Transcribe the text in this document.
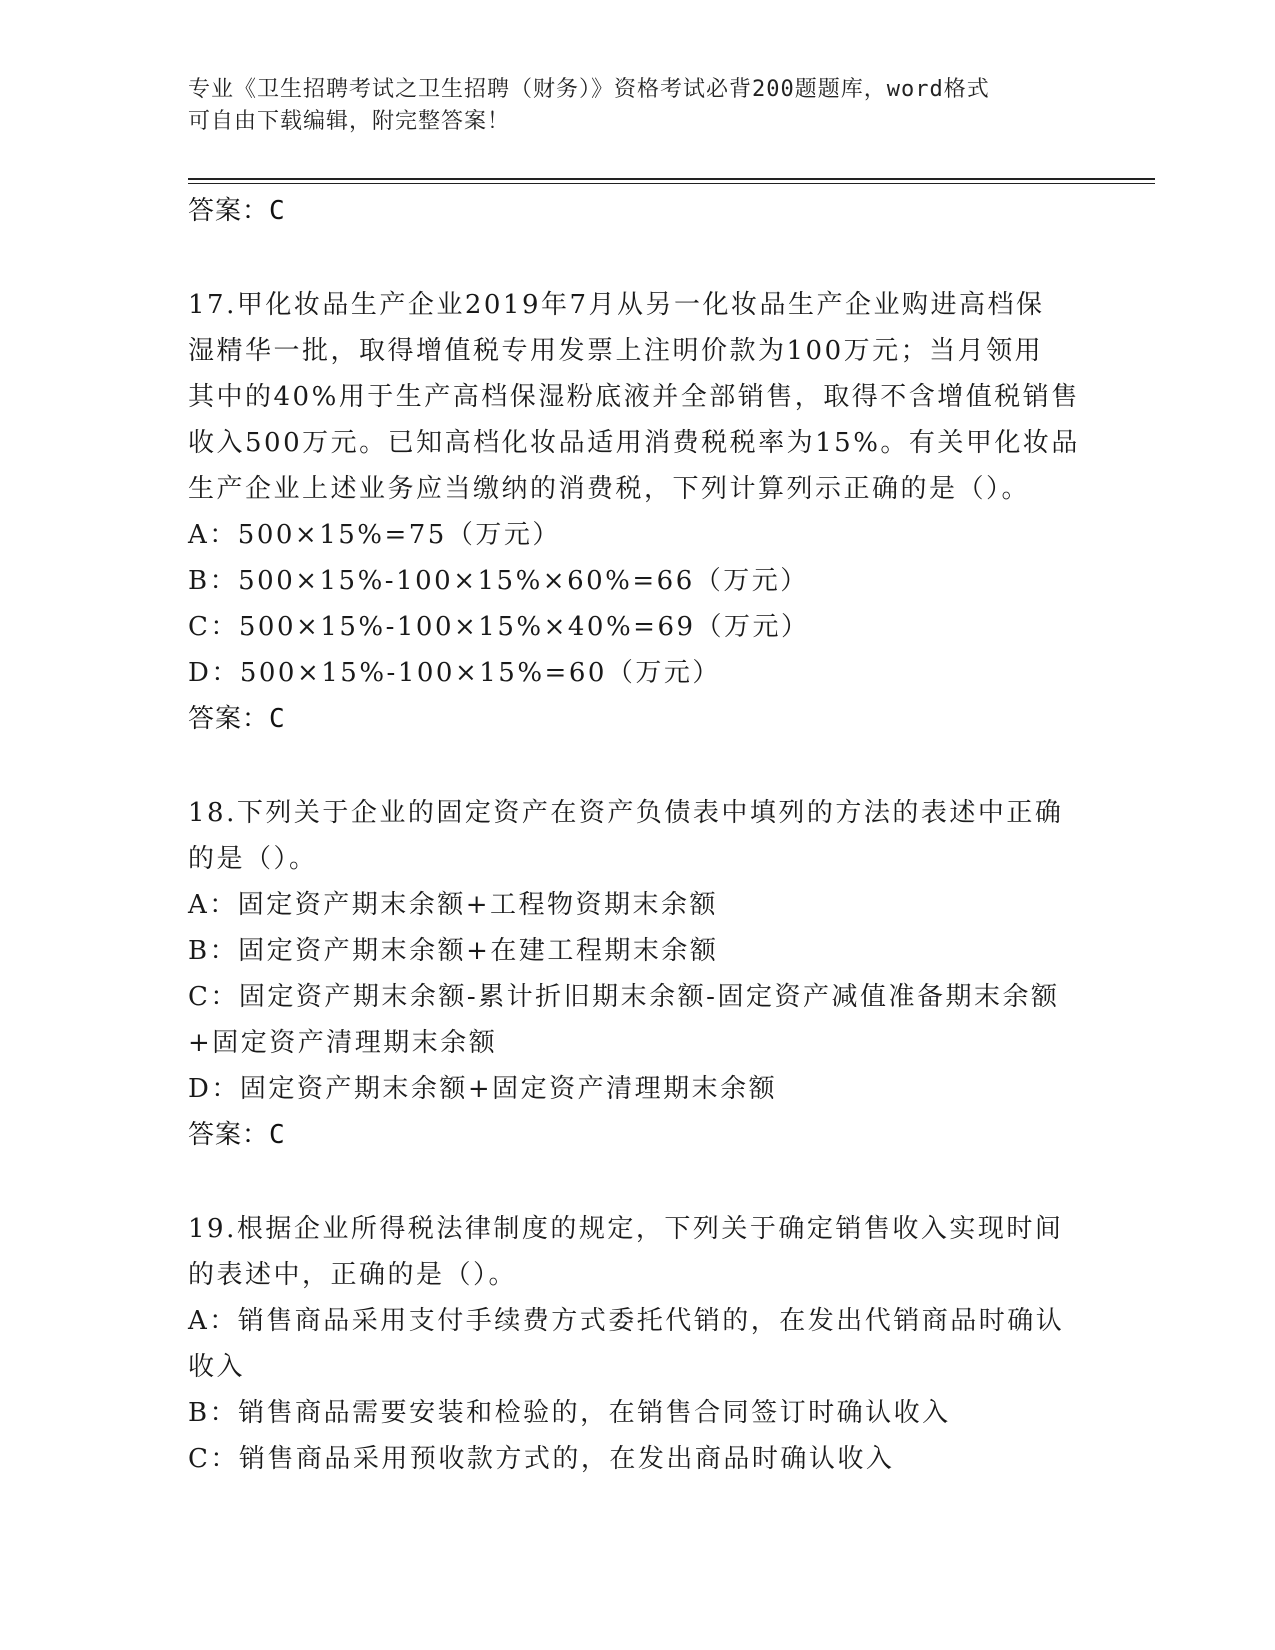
专业《卫生招聘考试之卫生招聘（财务）》资格考试必背200题题库，word格式
可自由下载编辑，附完整答案！
答案：C
17.甲化妆品生产企业2019年7月从另一化妆品生产企业购进高档保
湿精华一批，取得增值税专用发票上注明价款为100万元；当月领用
其中的40%用于生产高档保湿粉底液并全部销售，取得不含增值税销售
收入500万元。已知高档化妆品适用消费税税率为15%。有关甲化妆品
生产企业上述业务应当缴纳的消费税，下列计算列示正确的是（）。
A：500×15%=75（万元）
B：500×15%-100×15%×60%=66（万元）
C：500×15%-100×15%×40%=69（万元）
D：500×15%-100×15%=60（万元）
答案：C
18.下列关于企业的固定资产在资产负债表中填列的方法的表述中正确
的是（）。
A：固定资产期末余额+工程物资期末余额
B：固定资产期末余额+在建工程期末余额
C：固定资产期末余额-累计折旧期末余额-固定资产减值准备期末余额
+固定资产清理期末余额
D：固定资产期末余额+固定资产清理期末余额
答案：C
19.根据企业所得税法律制度的规定，下列关于确定销售收入实现时间
的表述中，正确的是（）。
A：销售商品采用支付手续费方式委托代销的，在发出代销商品时确认
收入
B：销售商品需要安装和检验的，在销售合同签订时确认收入
C：销售商品采用预收款方式的，在发出商品时确认收入
